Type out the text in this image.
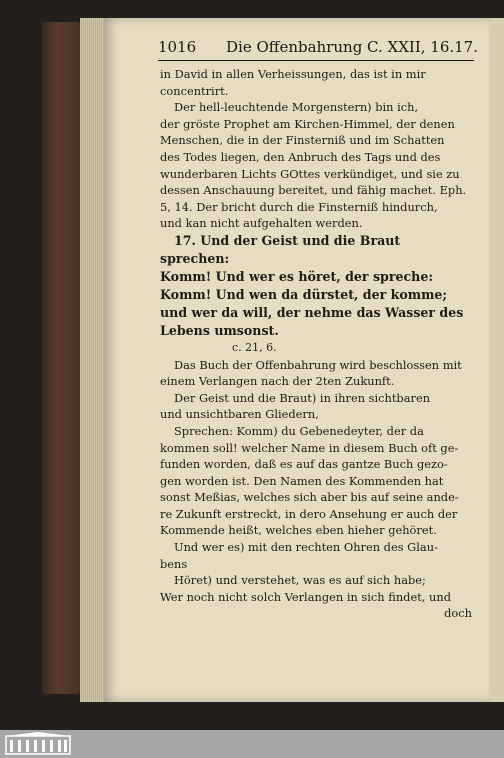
1016 Die Offenbahrung C. XXII, 16.17.

in David in allen Verheissungen, das ist in mir

concentrirt.

Der hell-leuchtende Morgenstern) bin ich,

der gröste Prophet am Kirchen-Himmel, der denen

Menschen, die in der Finsterniß und im Schatten

des Todes liegen, den Anbruch des Tags und des

wunderbaren Lichts GOttes verkündiget, und sie zu

dessen Anschauung bereitet, und fähig machet. Eph.

5, 14. Der bricht durch die Finsterniß hindurch,

und kan nicht aufgehalten werden.

17. Und der Geist und die Braut sprechen:

Komm! Und wer es höret, der spreche:

Komm! Und wen da dürstet, der komme;

und wer da will, der nehme das Wasser des

Lebens umsonst.

c. 21, 6.

Das Buch der Offenbahrung wird beschlossen mit

einem Verlangen nach der 2ten Zukunft.

Der Geist und die Braut) in ihren sichtbaren

und unsichtbaren Gliedern,

Sprechen: Komm) du Gebenedeyter, der da

kommen soll! welcher Name in diesem Buch oft ge-

funden worden, daß es auf das gantze Buch gezo-

gen worden ist. Den Namen des Kommenden hat

sonst Meßias, welches sich aber bis auf seine ande-

re Zukunft erstreckt, in dero Ansehung er auch der

Kommende heißt, welches eben hieher gehöret.

Und wer es) mit den rechten Ohren des Glau-

bens

Höret) und verstehet, was es auf sich habe;

Wer noch nicht solch Verlangen in sich findet, und

doch
